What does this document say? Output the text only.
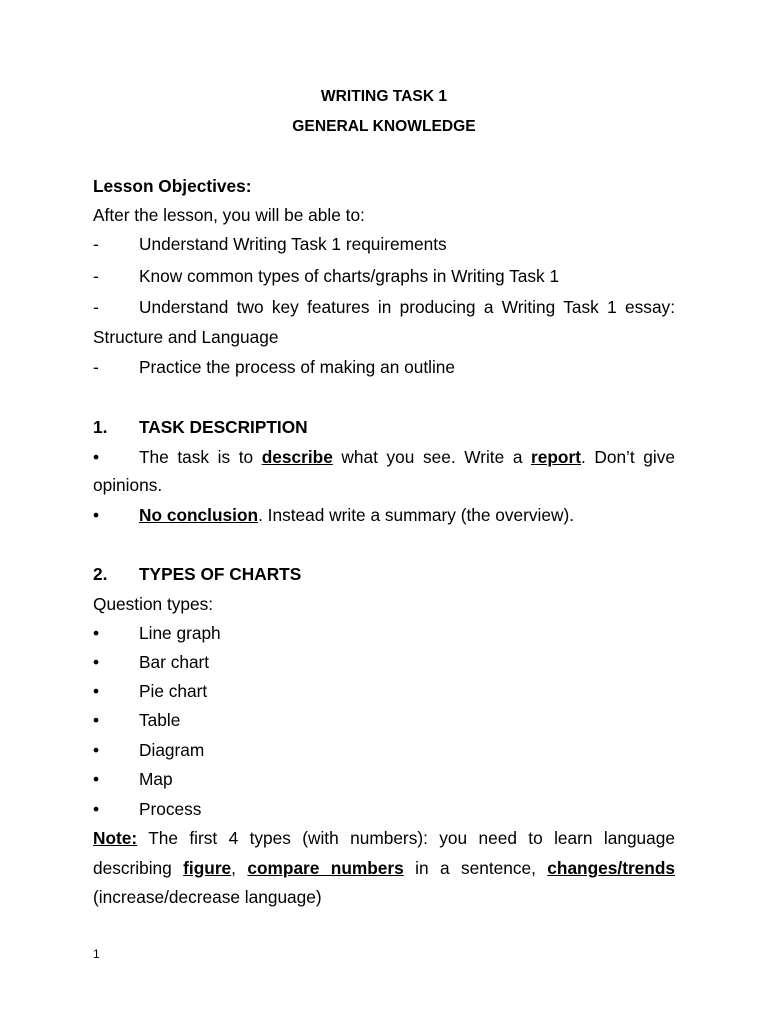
WRITING TASK 1
GENERAL KNOWLEDGE
Lesson Objectives:
After the lesson, you will be able to:
- Understand Writing Task 1 requirements
- Know common types of charts/graphs in Writing Task 1
- Understand two key features in producing a Writing Task 1 essay:
Structure and Language
- Practice the process of making an outline
1. TASK DESCRIPTION
• The task is to describe what you see. Write a report. Don’t give
opinions.
• No conclusion. Instead write a summary (the overview).
2. TYPES OF CHARTS
Question types:
• Line graph
• Bar chart
• Pie chart
• Table
• Diagram
• Map
• Process
Note: The first 4 types (with numbers): you need to learn language
describing figure, compare numbers in a sentence, changes/trends
(increase/decrease language)
1
